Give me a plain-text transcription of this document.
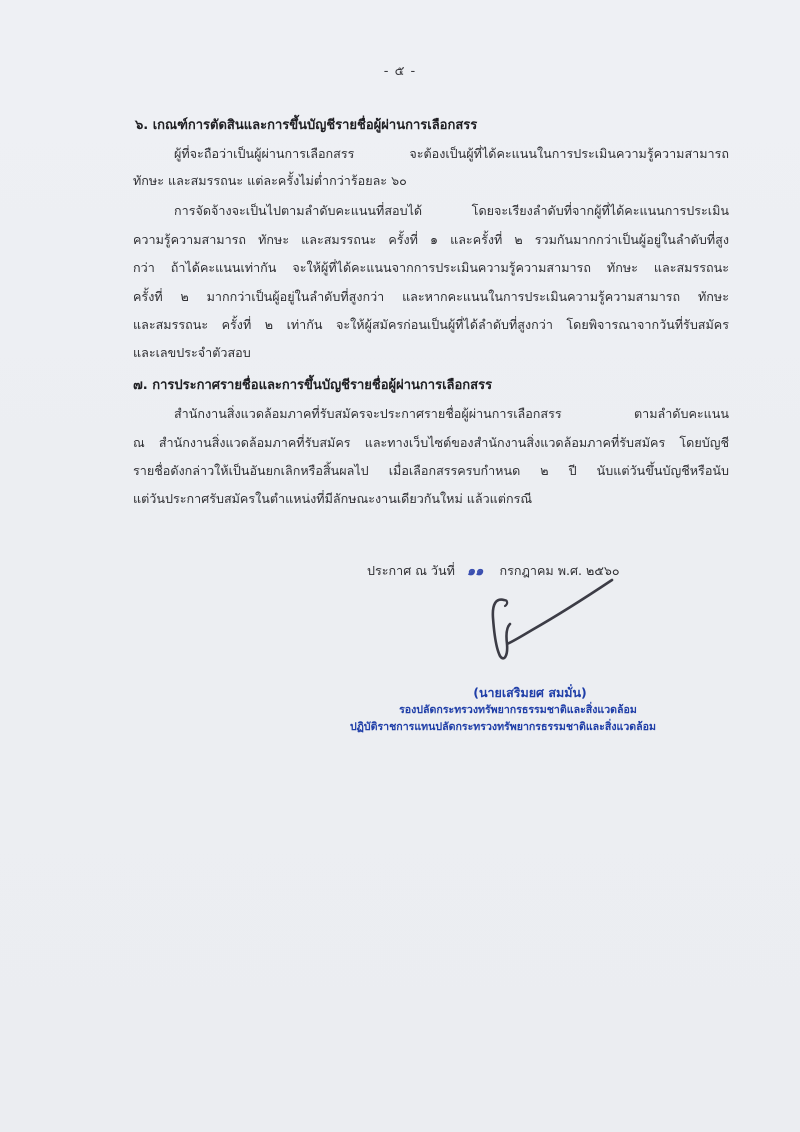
- ๕ -
๖. เกณฑ์การตัดสินและการขึ้นบัญชีรายชื่อผู้ผ่านการเลือกสรร
ผู้ที่จะถือว่าเป็นผู้ผ่านการเลือกสรร จะต้องเป็นผู้ที่ได้คะแนนในการประเมินความรู้ความสามารถ
ทักษะ และสมรรถนะ แต่ละครั้งไม่ต่ำกว่าร้อยละ ๖๐
การจัดจ้างจะเป็นไปตามลำดับคะแนนที่สอบได้ โดยจะเรียงลำดับที่จากผู้ที่ได้คะแนนการประเมิน
ความรู้ความสามารถ ทักษะ และสมรรถนะ ครั้งที่ ๑ และครั้งที่ ๒ รวมกันมากกว่าเป็นผู้อยู่ในลำดับที่สูง
กว่า ถ้าได้คะแนนเท่ากัน จะให้ผู้ที่ได้คะแนนจากการประเมินความรู้ความสามารถ ทักษะ และสมรรถนะ
ครั้งที่ ๒ มากกว่าเป็นผู้อยู่ในลำดับที่สูงกว่า และหากคะแนนในการประเมินความรู้ความสามารถ ทักษะ
และสมรรถนะ ครั้งที่ ๒ เท่ากัน จะให้ผู้สมัครก่อนเป็นผู้ที่ได้ลำดับที่สูงกว่า โดยพิจารณาจากวันที่รับสมัคร
และเลขประจำตัวสอบ
๗. การประกาศรายชื่อและการขึ้นบัญชีรายชื่อผู้ผ่านการเลือกสรร
สำนักงานสิ่งแวดล้อมภาคที่รับสมัครจะประกาศรายชื่อผู้ผ่านการเลือกสรร ตามลำดับคะแนน
ณ สำนักงานสิ่งแวดล้อมภาคที่รับสมัคร และทางเว็บไซต์ของสำนักงานสิ่งแวดล้อมภาคที่รับสมัคร โดยบัญชี
รายชื่อดังกล่าวให้เป็นอันยกเลิกหรือสิ้นผลไป เมื่อเลือกสรรครบกำหนด ๒ ปี นับแต่วันขึ้นบัญชีหรือนับ
แต่วันประกาศรับสมัครในตำแหน่งที่มีลักษณะงานเดียวกันใหม่ แล้วแต่กรณี
ประกาศ ณ วันที่ ๑๑ กรกฎาคม พ.ศ. ๒๕๖๐
(นายเสริมยศ สมมั่น)
รองปลัดกระทรวงทรัพยากรธรรมชาติและสิ่งแวดล้อม
ปฏิบัติราชการแทนปลัดกระทรวงทรัพยากรธรรมชาติและสิ่งแวดล้อม
